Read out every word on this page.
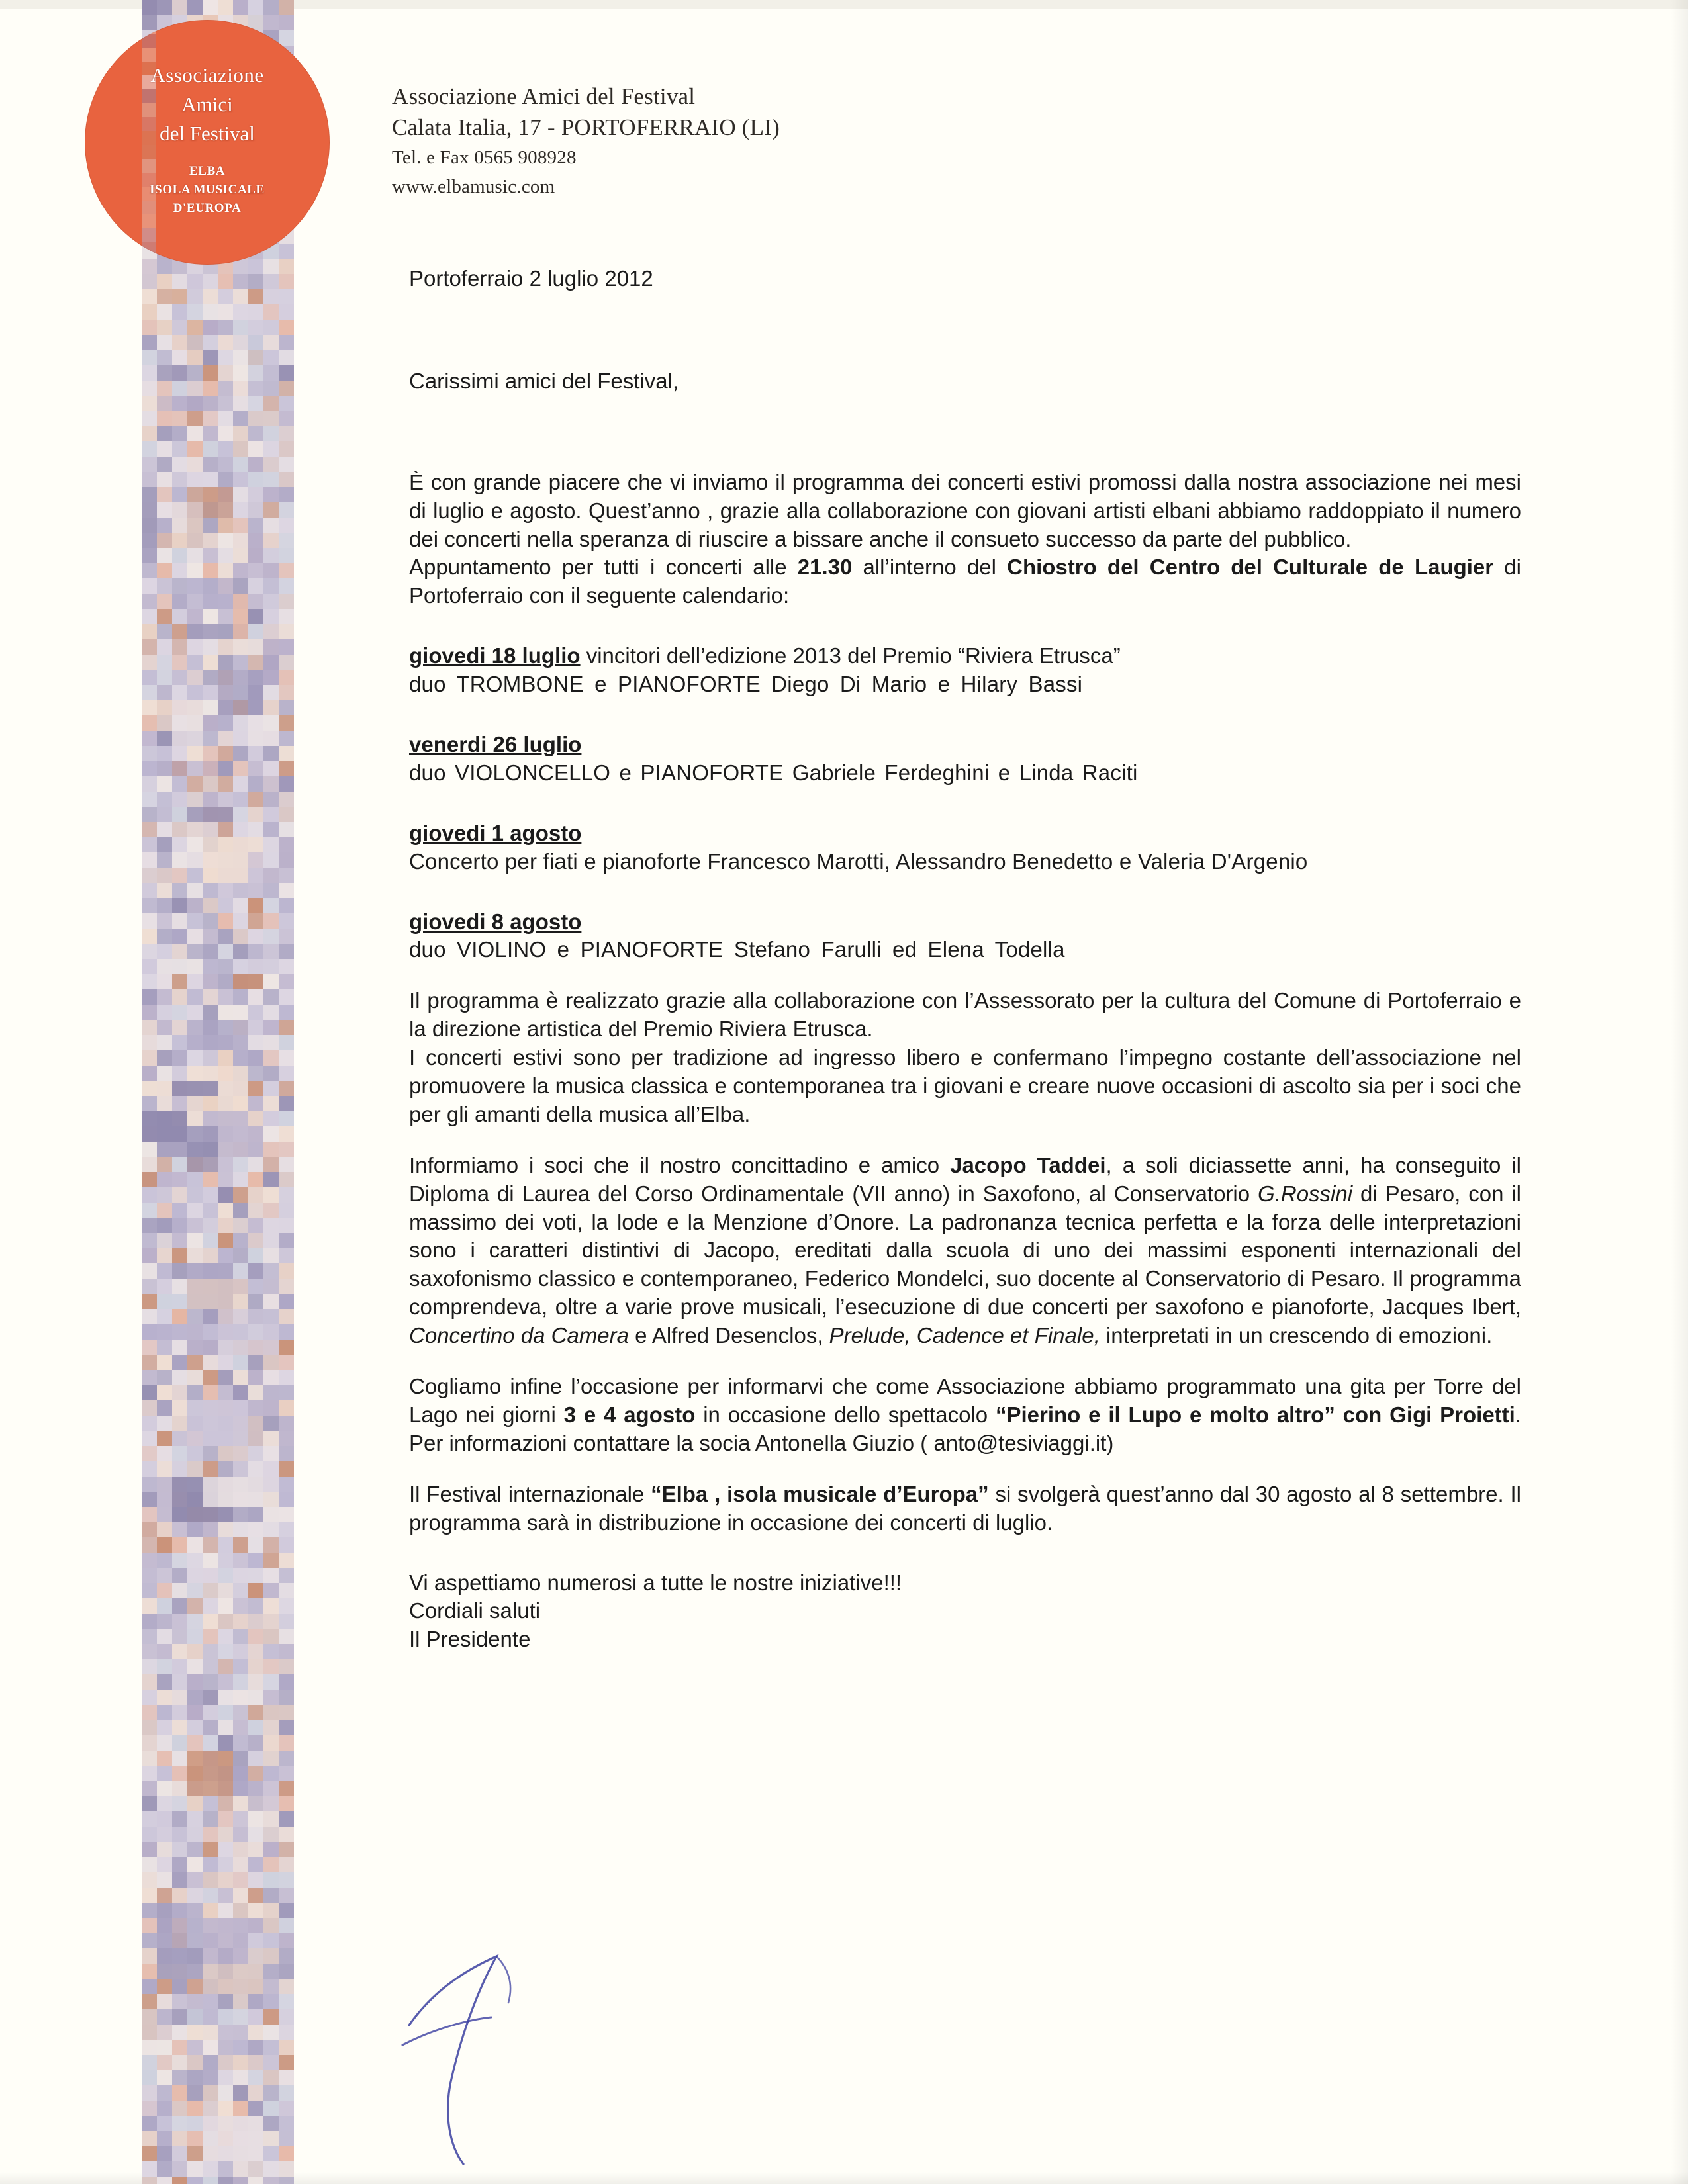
Associazione
Amici
del Festival
ELBA
ISOLA MUSICALE
D'EUROPA
Associazione Amici del Festival
Calata Italia, 17 - PORTOFERRAIO (LI)
Tel. e Fax 0565 908928
www.elbamusic.com

Portoferraio 2 luglio 2012

Carissimi amici del Festival,

È con grande piacere che vi inviamo il programma dei concerti estivi promossi dalla nostra associazione nei mesi di luglio e agosto. Quest’anno , grazie alla collaborazione con giovani artisti elbani abbiamo raddoppiato il numero dei concerti nella speranza di riuscire a bissare anche il consueto successo da parte del pubblico.

Appuntamento per tutti i concerti alle 21.30 all’interno del Chiostro del Centro del Culturale de Laugier di Portoferraio con il seguente calendario:

giovedi 18 luglio vincitori dell’edizione 2013 del Premio “Riviera Etrusca”

duo TROMBONE e PIANOFORTE Diego Di Mario e Hilary Bassi

venerdi 26 luglio

duo VIOLONCELLO e PIANOFORTE Gabriele Ferdeghini e Linda Raciti

giovedi 1 agosto

Concerto per fiati e pianoforte Francesco Marotti, Alessandro Benedetto e Valeria D'Argenio

giovedi 8 agosto

duo VIOLINO e PIANOFORTE Stefano Farulli ed Elena Todella

Il programma è realizzato grazie alla collaborazione con l’Assessorato per la cultura del Comune di Portoferraio e la direzione artistica del Premio Riviera Etrusca.

I concerti estivi sono per tradizione ad ingresso libero e confermano l’impegno costante dell’associazione nel promuovere la musica classica e contemporanea tra i giovani e creare nuove occasioni di ascolto sia per i soci che per gli amanti della musica all’Elba.

Informiamo i soci che il nostro concittadino e amico Jacopo Taddei, a soli diciassette anni, ha conseguito il Diploma di Laurea del Corso Ordinamentale (VII anno) in Saxofono, al Conservatorio G.Rossini di Pesaro, con il massimo dei voti, la lode e la Menzione d’Onore. La padronanza tecnica perfetta e la forza delle interpretazioni sono i caratteri distintivi di Jacopo, ereditati dalla scuola di uno dei massimi esponenti internazionali del saxofonismo classico e contemporaneo, Federico Mondelci, suo docente al Conservatorio di Pesaro. Il programma comprendeva, oltre a varie prove musicali, l’esecuzione di due concerti per saxofono e pianoforte, Jacques Ibert, Concertino da Camera e Alfred Desenclos, Prelude, Cadence et Finale, interpretati in un crescendo di emozioni.

Cogliamo infine l’occasione per informarvi che come Associazione abbiamo programmato una gita per Torre del Lago nei giorni 3 e 4 agosto in occasione dello spettacolo “Pierino e il Lupo e molto altro” con Gigi Proietti. Per informazioni contattare la socia Antonella Giuzio ( anto@tesiviaggi.it)

Il Festival internazionale “Elba , isola musicale d’Europa” si svolgerà quest’anno dal 30 agosto al 8 settembre. Il programma sarà in distribuzione in occasione dei concerti di luglio.

Vi aspettiamo numerosi a tutte le nostre iniziative!!!

Cordiali saluti

Il Presidente
